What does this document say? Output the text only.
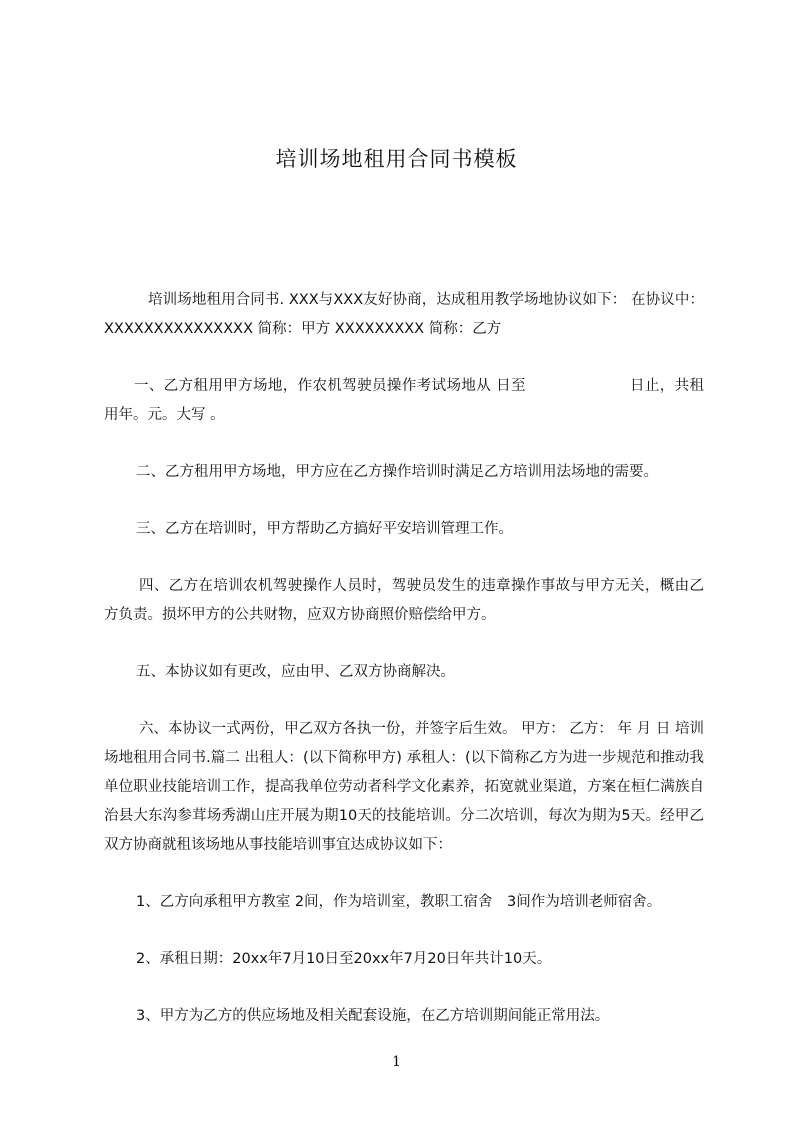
培训场地租用合同书模板

培训场地租用合同书. XXX与XXX友好协商，达成租用教学场地协议如下： 在协议中：XXXXXXXXXXXXXXX 简称：甲方 XXXXXXXXX 简称：乙方

一、乙方租用甲方场地，作农机驾驶员操作考试场地从 日至　　　　　　　日止，共租用年。元。大写 。

二、乙方租用甲方场地，甲方应在乙方操作培训时满足乙方培训用法场地的需要。

三、乙方在培训时，甲方帮助乙方搞好平安培训管理工作。

四、乙方在培训农机驾驶操作人员时，驾驶员发生的违章操作事故与甲方无关，概由乙方负责。损坏甲方的公共财物，应双方协商照价赔偿给甲方。

五、本协议如有更改，应由甲、乙双方协商解决。

六、本协议一式两份，甲乙双方各执一份，并签字后生效。 甲方： 乙方： 年 月 日 培训场地租用合同书.篇二 出租人：(以下简称甲方) 承租人：(以下简称乙方为进一步规范和推动我单位职业技能培训工作，提高我单位劳动者科学文化素养，拓宽就业渠道，方案在桓仁满族自治县大东沟参茸场秀湖山庄开展为期10天的技能培训。分二次培训，每次为期为5天。经甲乙双方协商就租该场地从事技能培训事宜达成协议如下：

1、乙方向承租甲方教室 2间，作为培训室，教职工宿舍　3间作为培训老师宿舍。

2、承租日期：20xx年7月10日至20xx年7月20日年共计10天。

3、甲方为乙方的供应场地及相关配套设施，在乙方培训期间能正常用法。

1
